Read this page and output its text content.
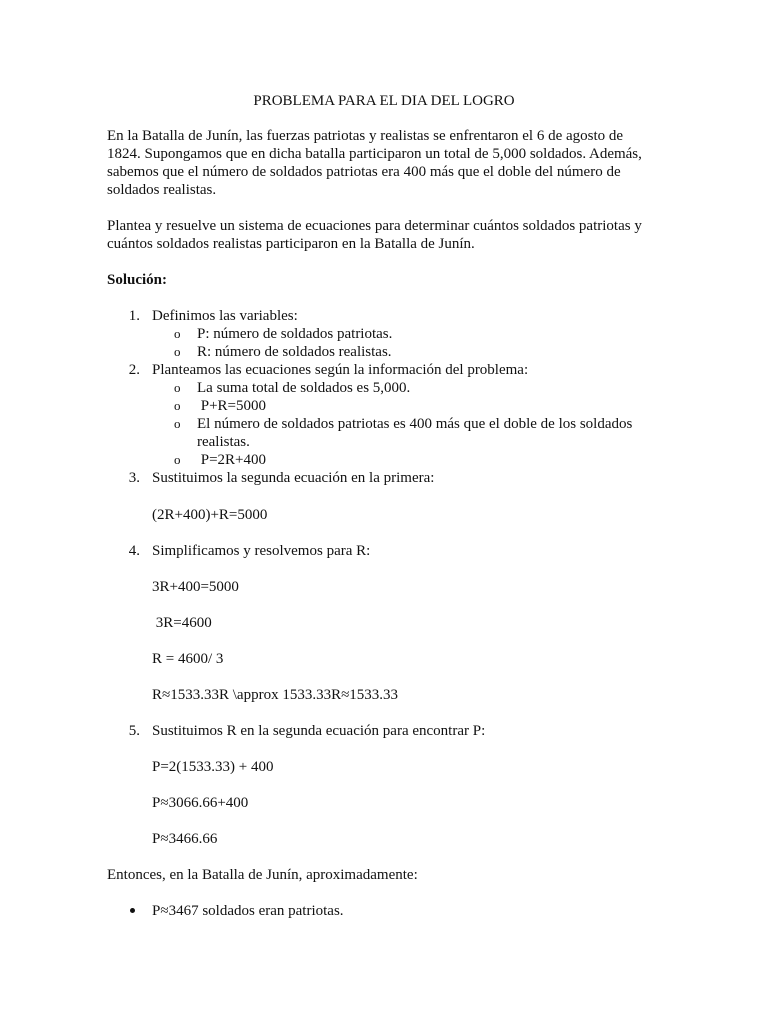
PROBLEMA PARA EL DIA DEL LOGRO

En la Batalla de Junín, las fuerzas patriotas y realistas se enfrentaron el 6 de agosto de

1824. Supongamos que en dicha batalla participaron un total de 5,000 soldados. Además,

sabemos que el número de soldados patriotas era 400 más que el doble del número de

soldados realistas.

Plantea y resuelve un sistema de ecuaciones para determinar cuántos soldados patriotas y

cuántos soldados realistas participaron en la Batalla de Junín.

Solución:

1. Definimos las variables:

o P: número de soldados patriotas.

o R: número de soldados realistas.

2. Planteamos las ecuaciones según la información del problema:

o La suma total de soldados es 5,000.

o P+R=5000

o El número de soldados patriotas es 400 más que el doble de los soldados

realistas.

o P=2R+400

3. Sustituimos la segunda ecuación en la primera:

(2R+400)+R=5000

4. Simplificamos y resolvemos para R:

3R+400=5000

3R=4600

R = 4600/ 3

R≈1533.33R \approx 1533.33R≈1533.33

5. Sustituimos R en la segunda ecuación para encontrar P:

P=2(1533.33) + 400

P≈3066.66+400

P≈3466.66

Entonces, en la Batalla de Junín, aproximadamente:

P≈3467 soldados eran patriotas.
